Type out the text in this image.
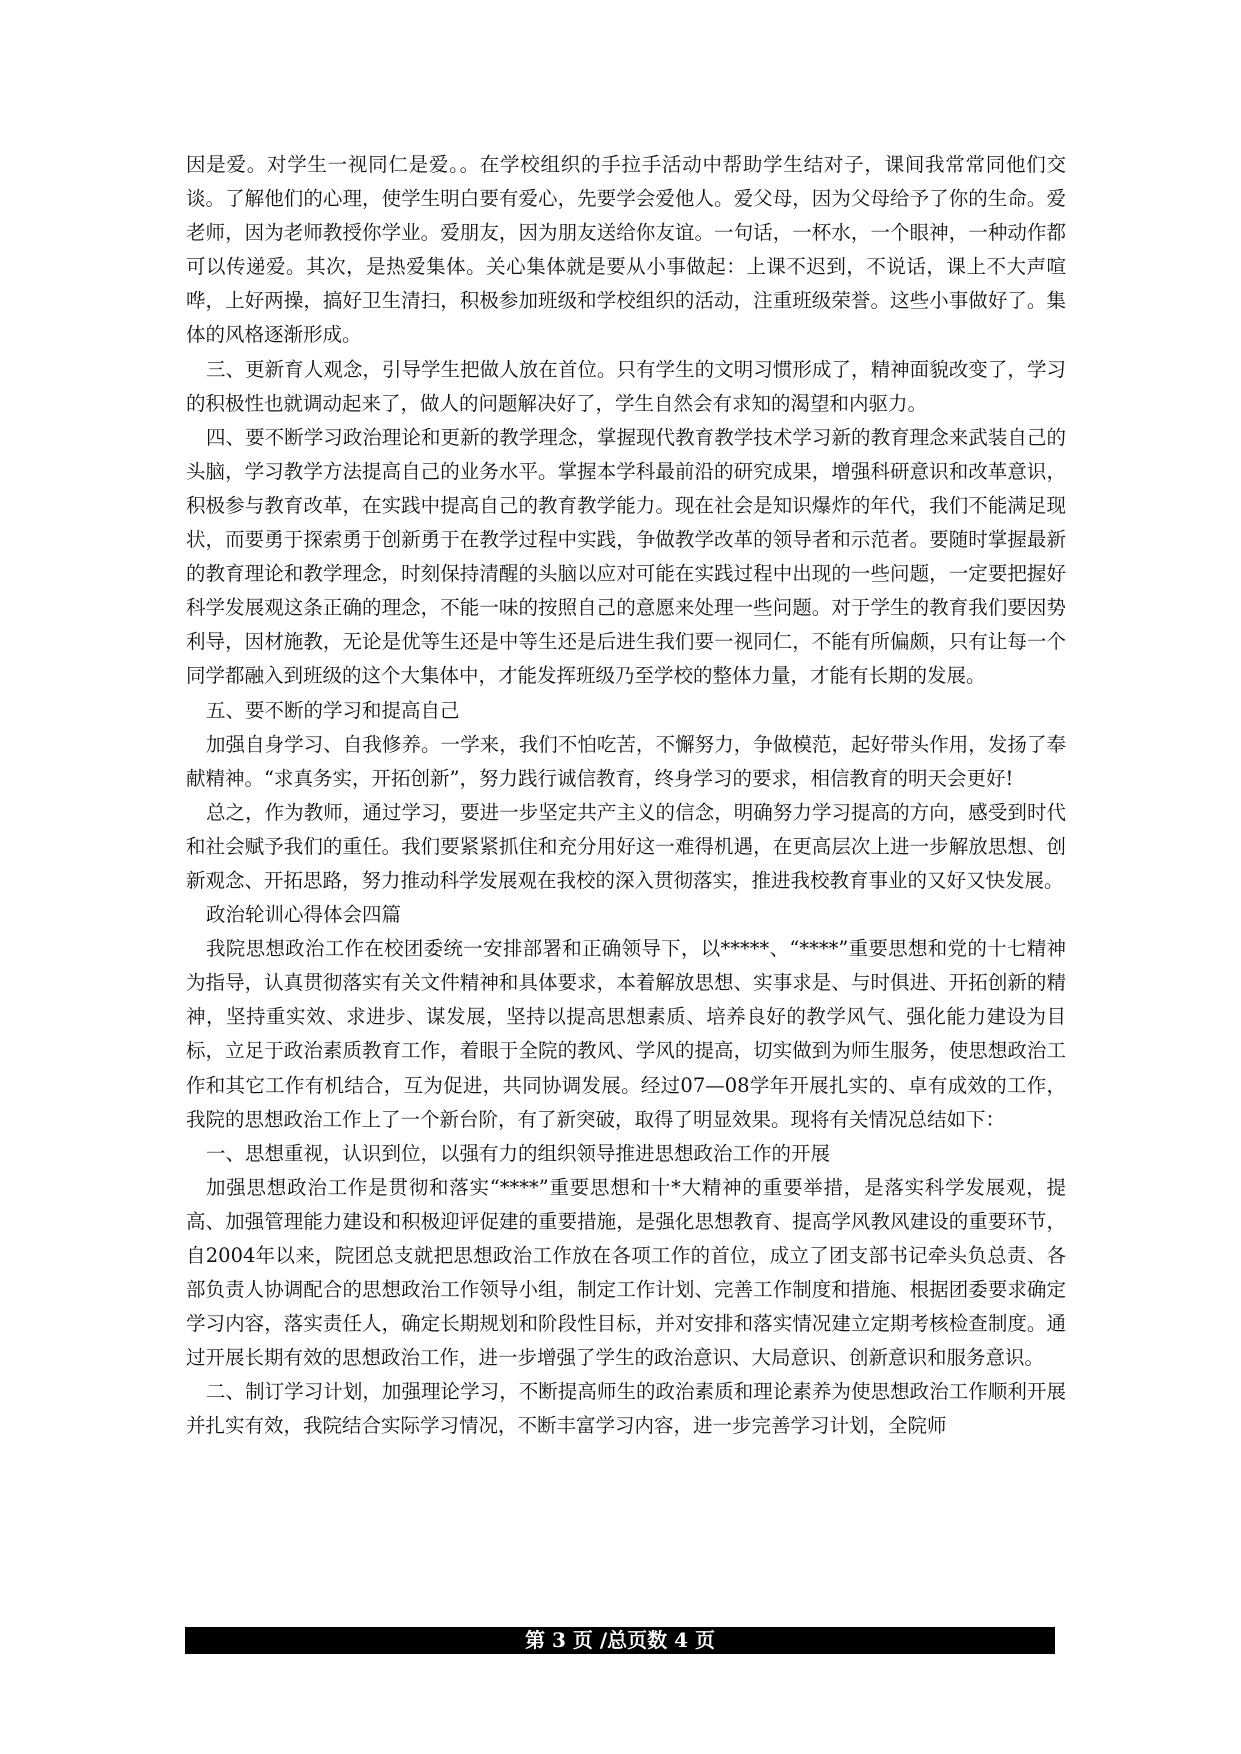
因是爱。对学生一视同仁是爱。。在学校组织的手拉手活动中帮助学生结对子，课间我常常同他们交谈。了解他们的心理，使学生明白要有爱心，先要学会爱他人。爱父母，因为父母给予了你的生命。爱老师，因为老师教授你学业。爱朋友，因为朋友送给你友谊。一句话，一杯水，一个眼神，一种动作都可以传递爱。其次，是热爱集体。关心集体就是要从小事做起：上课不迟到，不说话，课上不大声喧哗，上好两操，搞好卫生清扫，积极参加班级和学校组织的活动，注重班级荣誉。这些小事做好了。集体的风格逐渐形成。

三、更新育人观念，引导学生把做人放在首位。只有学生的文明习惯形成了，精神面貌改变了，学习的积极性也就调动起来了，做人的问题解决好了，学生自然会有求知的渴望和内驱力。

四、要不断学习政治理论和更新的教学理念，掌握现代教育教学技术学习新的教育理念来武装自己的头脑，学习教学方法提高自己的业务水平。掌握本学科最前沿的研究成果，增强科研意识和改革意识，积极参与教育改革，在实践中提高自己的教育教学能力。现在社会是知识爆炸的年代，我们不能满足现状，而要勇于探索勇于创新勇于在教学过程中实践，争做教学改革的领导者和示范者。要随时掌握最新的教育理论和教学理念，时刻保持清醒的头脑以应对可能在实践过程中出现的一些问题，一定要把握好科学发展观这条正确的理念，不能一味的按照自己的意愿来处理一些问题。对于学生的教育我们要因势利导，因材施教，无论是优等生还是中等生还是后进生我们要一视同仁，不能有所偏颇，只有让每一个同学都融入到班级的这个大集体中，才能发挥班级乃至学校的整体力量，才能有长期的发展。

五、要不断的学习和提高自己

加强自身学习、自我修养。一学来，我们不怕吃苦，不懈努力，争做模范，起好带头作用，发扬了奉献精神。“求真务实，开拓创新”，努力践行诚信教育，终身学习的要求，相信教育的明天会更好!

总之，作为教师，通过学习，要进一步坚定共产主义的信念，明确努力学习提高的方向，感受到时代和社会赋予我们的重任。我们要紧紧抓住和充分用好这一难得机遇，在更高层次上进一步解放思想、创新观念、开拓思路，努力推动科学发展观在我校的深入贯彻落实，推进我校教育事业的又好又快发展。

政治轮训心得体会四篇

我院思想政治工作在校团委统一安排部署和正确领导下，以*****、“****”重要思想和党的十七精神为指导，认真贯彻落实有关文件精神和具体要求，本着解放思想、实事求是、与时俱进、开拓创新的精神，坚持重实效、求进步、谋发展，坚持以提高思想素质、培养良好的教学风气、强化能力建设为目标，立足于政治素质教育工作，着眼于全院的教风、学风的提高，切实做到为师生服务，使思想政治工作和其它工作有机结合，互为促进，共同协调发展。经过07—08学年开展扎实的、卓有成效的工作，我院的思想政治工作上了一个新台阶，有了新突破，取得了明显效果。现将有关情况总结如下：

一、思想重视，认识到位，以强有力的组织领导推进思想政治工作的开展

加强思想政治工作是贯彻和落实“****”重要思想和十*大精神的重要举措，是落实科学发展观，提高、加强管理能力建设和积极迎评促建的重要措施，是强化思想教育、提高学风教风建设的重要环节，自2004年以来，院团总支就把思想政治工作放在各项工作的首位，成立了团支部书记牵头负总责、各部负责人协调配合的思想政治工作领导小组，制定工作计划、完善工作制度和措施、根据团委要求确定学习内容，落实责任人，确定长期规划和阶段性目标，并对安排和落实情况建立定期考核检查制度。通过开展长期有效的思想政治工作，进一步增强了学生的政治意识、大局意识、创新意识和服务意识。

二、制订学习计划，加强理论学习，不断提高师生的政治素质和理论素养为使思想政治工作顺利开展并扎实有效，我院结合实际学习情况，不断丰富学习内容，进一步完善学习计划，全院师

第 3 页 /总页数 4 页
